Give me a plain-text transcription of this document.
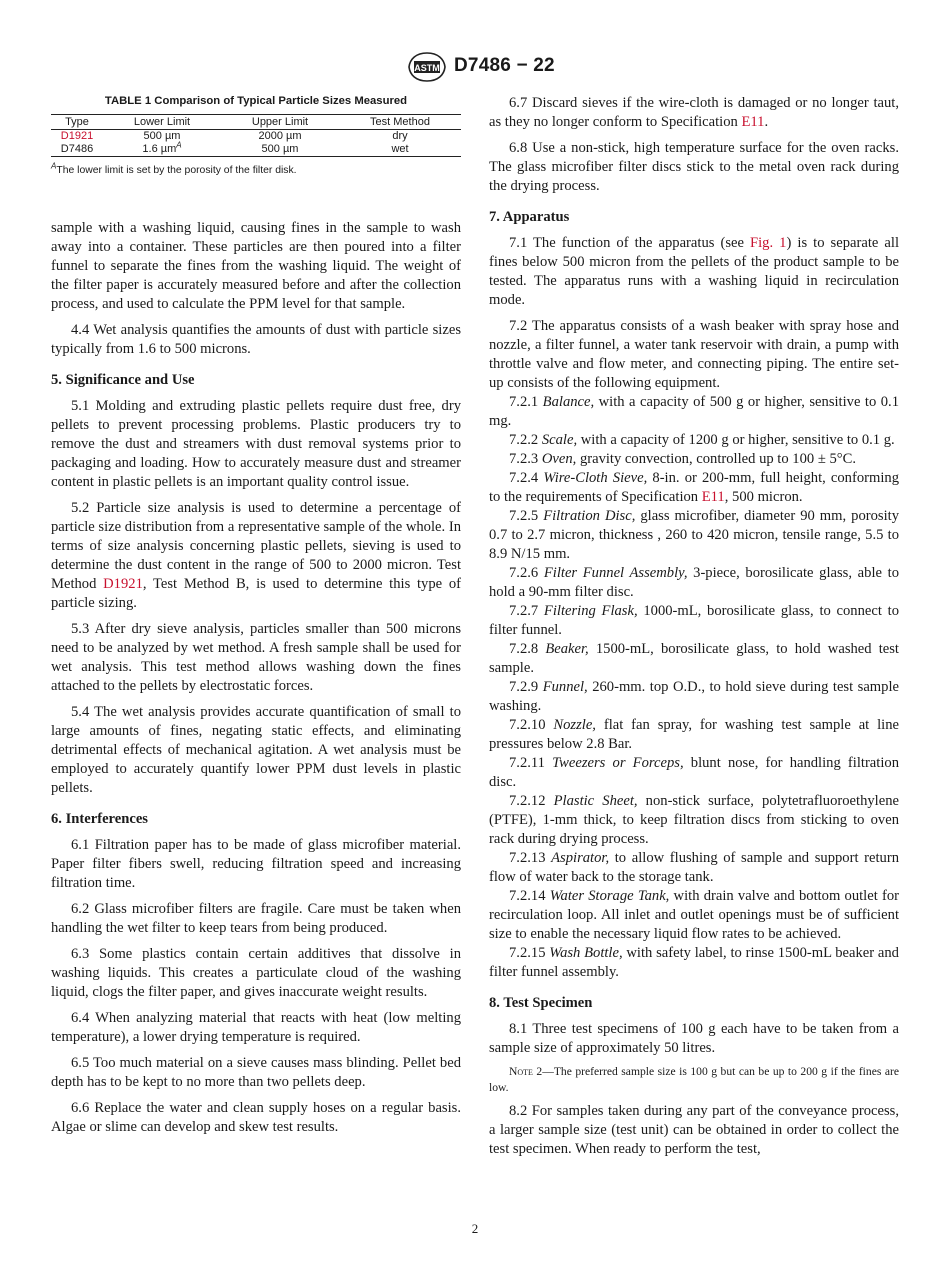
ASTM D7486 − 22
TABLE 1 Comparison of Typical Particle Sizes Measured
Type	Lower Limit	Upper Limit	Test Method
D1921	500 µm	2000 µm	dry
D7486	1.6 µm$^A$	500 µm	wet
$^A$The lower limit is set by the porosity of the filter disk.

sample with a washing liquid, causing fines in the sample to wash away into a container. These particles are then poured into a filter funnel to separate the fines from the washing liquid. The weight of the filter paper is accurately measured before and after the collection process, and used to calculate the PPM level for that sample.

4.4 Wet analysis quantifies the amounts of dust with particle sizes typically from 1.6 to 500 microns.

5. Significance and Use

5.1 Molding and extruding plastic pellets require dust free, dry pellets to prevent processing problems. Plastic producers try to remove the dust and streamers with dust removal systems prior to packaging and loading. How to accurately measure dust and streamer content in plastic pellets is an important quality control issue.

5.2 Particle size analysis is used to determine a percentage of particle size distribution from a representative sample of the whole. In terms of size analysis concerning plastic pellets, sieving is used to determine the dust content in the range of 500 to 2000 micron. Test Method D1921, Test Method B, is used to determine this type of particle sizing.

5.3 After dry sieve analysis, particles smaller than 500 microns need to be analyzed by wet method. A fresh sample shall be used for wet analysis. This test method allows washing down the fines attached to the pellets by electrostatic forces.

5.4 The wet analysis provides accurate quantification of small to large amounts of fines, negating static effects, and eliminating detrimental effects of mechanical agitation. A wet analysis must be employed to accurately quantify lower PPM dust levels in plastic pellets.

6. Interferences

6.1 Filtration paper has to be made of glass microfiber material. Paper filter fibers swell, reducing filtration speed and increasing filtration time.

6.2 Glass microfiber filters are fragile. Care must be taken when handling the wet filter to keep tears from being produced.

6.3 Some plastics contain certain additives that dissolve in washing liquids. This creates a particulate cloud of the washing liquid, clogs the filter paper, and gives inaccurate weight results.

6.4 When analyzing material that reacts with heat (low melting temperature), a lower drying temperature is required.

6.5 Too much material on a sieve causes mass blinding. Pellet bed depth has to be kept to no more than two pellets deep.

6.6 Replace the water and clean supply hoses on a regular basis. Algae or slime can develop and skew test results.

6.7 Discard sieves if the wire-cloth is damaged or no longer taut, as they no longer conform to Specification E11.

6.8 Use a non-stick, high temperature surface for the oven racks. The glass microfiber filter discs stick to the metal oven rack during the drying process.

7. Apparatus

7.1 The function of the apparatus (see Fig. 1) is to separate all fines below 500 micron from the pellets of the product sample to be tested. The apparatus runs with a washing liquid in recirculation mode.

7.2 The apparatus consists of a wash beaker with spray hose and nozzle, a filter funnel, a water tank reservoir with drain, a pump with throttle valve and flow meter, and connecting piping. The entire set-up consists of the following equipment.

7.2.1 Balance, with a capacity of 500 g or higher, sensitive to 0.1 mg.

7.2.2 Scale, with a capacity of 1200 g or higher, sensitive to 0.1 g.

7.2.3 Oven, gravity convection, controlled up to 100 ± 5°C.

7.2.4 Wire-Cloth Sieve, 8-in. or 200-mm, full height, conforming to the requirements of Specification E11, 500 micron.

7.2.5 Filtration Disc, glass microfiber, diameter 90 mm, porosity 0.7 to 2.7 micron, thickness , 260 to 420 micron, tensile range, 5.5 to 8.9 N/15 mm.

7.2.6 Filter Funnel Assembly, 3-piece, borosilicate glass, able to hold a 90-mm filter disc.

7.2.7 Filtering Flask, 1000-mL, borosilicate glass, to connect to filter funnel.

7.2.8 Beaker, 1500-mL, borosilicate glass, to hold washed test sample.

7.2.9 Funnel, 260-mm. top O.D., to hold sieve during test sample washing.

7.2.10 Nozzle, flat fan spray, for washing test sample at line pressures below 2.8 Bar.

7.2.11 Tweezers or Forceps, blunt nose, for handling filtration disc.

7.2.12 Plastic Sheet, non-stick surface, polytetrafluoroethylene (PTFE), 1-mm thick, to keep filtration discs from sticking to oven rack during drying process.

7.2.13 Aspirator, to allow flushing of sample and support return flow of water back to the storage tank.

7.2.14 Water Storage Tank, with drain valve and bottom outlet for recirculation loop. All inlet and outlet openings must be of sufficient size to enable the necessary liquid flow rates to be achieved.

7.2.15 Wash Bottle, with safety label, to rinse 1500-mL beaker and filter funnel assembly.

8. Test Specimen

8.1 Three test specimens of 100 g each have to be taken from a sample size of approximately 50 litres.

Note 2—The preferred sample size is 100 g but can be up to 200 g if the fines are low.

8.2 For samples taken during any part of the conveyance process, a larger sample size (test unit) can be obtained in order to collect the test specimen. When ready to perform the test,

2
